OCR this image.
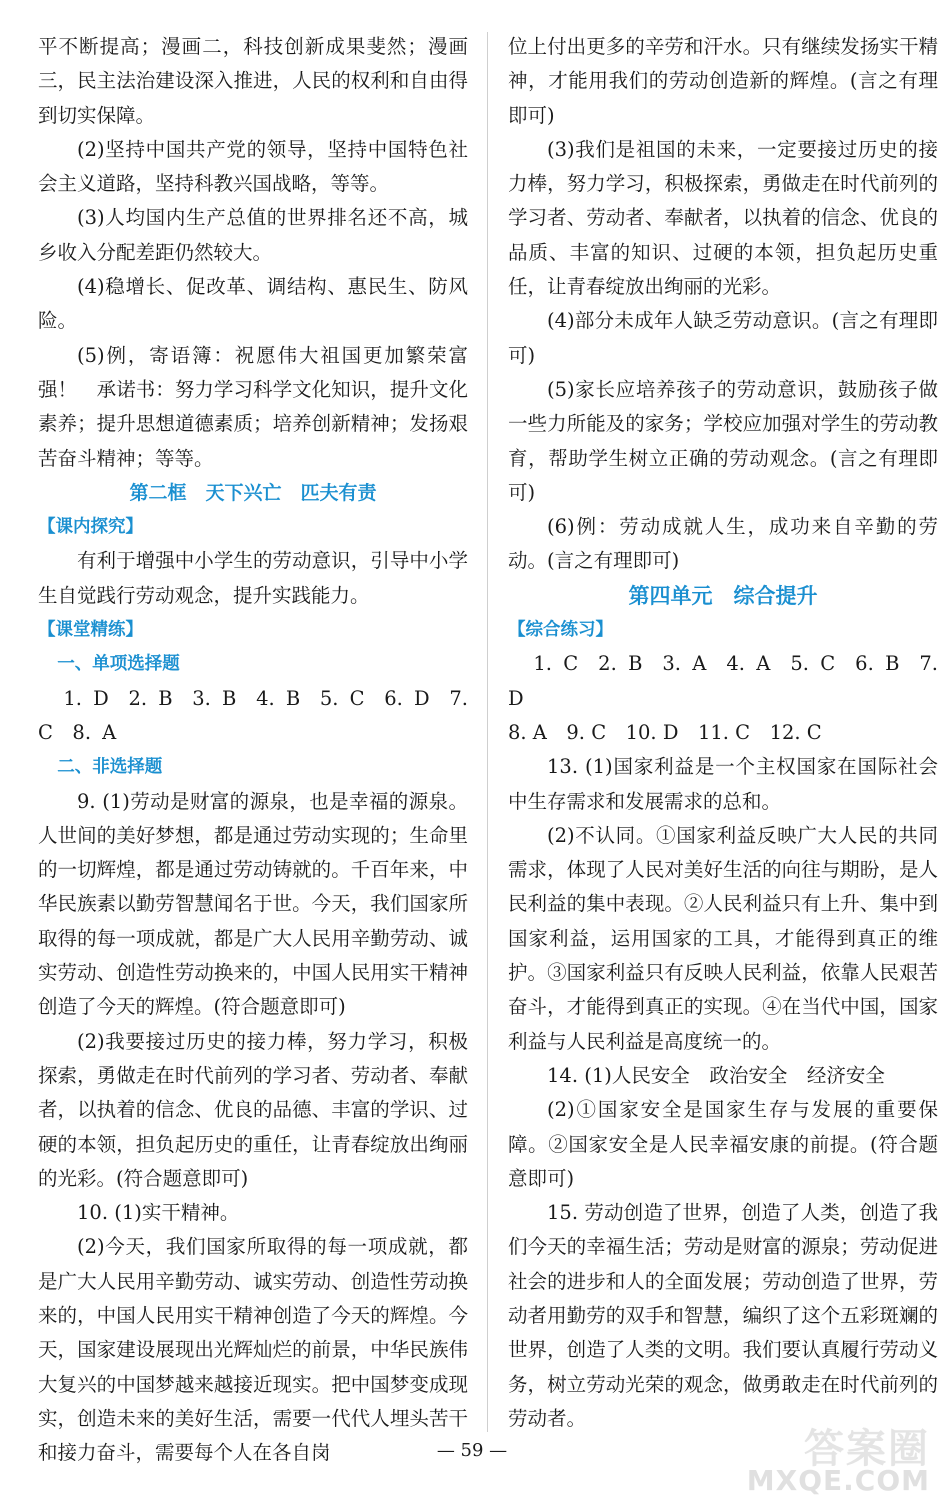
平不断提高；漫画二，科技创新成果斐然；漫画三，民主法治建设深入推进，人民的权利和自由得到切实保障。

(2)坚持中国共产党的领导，坚持中国特色社会主义道路，坚持科教兴国战略，等等。

(3)人均国内生产总值的世界排名还不高，城乡收入分配差距仍然较大。

(4)稳增长、促改革、调结构、惠民生、防风险。

(5)例，寄语簿：祝愿伟大祖国更加繁荣富强！　承诺书：努力学习科学文化知识，提升文化素养；提升思想道德素质；培养创新精神；发扬艰苦奋斗精神；等等。

第二框　天下兴亡　匹夫有责

【课内探究】

有利于增强中小学生的劳动意识，引导中小学生自觉践行劳动观念，提升实践能力。

【课堂精练】

一、单项选择题

1. D　2. B　3. B　4. B　5. C　6. D　7. C　8. A

二、非选择题

9. (1)劳动是财富的源泉，也是幸福的源泉。人世间的美好梦想，都是通过劳动实现的；生命里的一切辉煌，都是通过劳动铸就的。千百年来，中华民族素以勤劳智慧闻名于世。今天，我们国家所取得的每一项成就，都是广大人民用辛勤劳动、诚实劳动、创造性劳动换来的，中国人民用实干精神创造了今天的辉煌。(符合题意即可)

(2)我要接过历史的接力棒，努力学习，积极探索，勇做走在时代前列的学习者、劳动者、奉献者，以执着的信念、优良的品德、丰富的学识、过硬的本领，担负起历史的重任，让青春绽放出绚丽的光彩。(符合题意即可)

10. (1)实干精神。

(2)今天，我们国家所取得的每一项成就，都是广大人民用辛勤劳动、诚实劳动、创造性劳动换来的，中国人民用实干精神创造了今天的辉煌。今天，国家建设展现出光辉灿烂的前景，中华民族伟大复兴的中国梦越来越接近现实。把中国梦变成现实，创造未来的美好生活，需要一代代人埋头苦干和接力奋斗，需要每个人在各自岗

位上付出更多的辛劳和汗水。只有继续发扬实干精神，才能用我们的劳动创造新的辉煌。(言之有理即可)

(3)我们是祖国的未来，一定要接过历史的接力棒，努力学习，积极探索，勇做走在时代前列的学习者、劳动者、奉献者，以执着的信念、优良的品质、丰富的知识、过硬的本领，担负起历史重任，让青春绽放出绚丽的光彩。

(4)部分未成年人缺乏劳动意识。(言之有理即可)

(5)家长应培养孩子的劳动意识，鼓励孩子做一些力所能及的家务；学校应加强对学生的劳动教育，帮助学生树立正确的劳动观念。(言之有理即可)

(6)例：劳动成就人生，成功来自辛勤的劳动。(言之有理即可)

第四单元　综合提升

【综合练习】

1. C　2. B　3. A　4. A　5. C　6. B　7. D

8. A　9. C　10. D　11. C　12. C

13. (1)国家利益是一个主权国家在国际社会中生存需求和发展需求的总和。

(2)不认同。①国家利益反映广大人民的共同需求，体现了人民对美好生活的向往与期盼，是人民利益的集中表现。②人民利益只有上升、集中到国家利益，运用国家的工具，才能得到真正的维护。③国家利益只有反映人民利益，依靠人民艰苦奋斗，才能得到真正的实现。④在当代中国，国家利益与人民利益是高度统一的。

14. (1)人民安全　政治安全　经济安全

(2)①国家安全是国家生存与发展的重要保障。②国家安全是人民幸福安康的前提。(符合题意即可)

15. 劳动创造了世界，创造了人类，创造了我们今天的幸福生活；劳动是财富的源泉；劳动促进社会的进步和人的全面发展；劳动创造了世界，劳动者用勤劳的双手和智慧，编织了这个五彩斑斓的世界，创造了人类的文明。我们要认真履行劳动义务，树立劳动光荣的观念，做勇敢走在时代前列的劳动者。

— 59 —	答案圈
MXQE.COM
